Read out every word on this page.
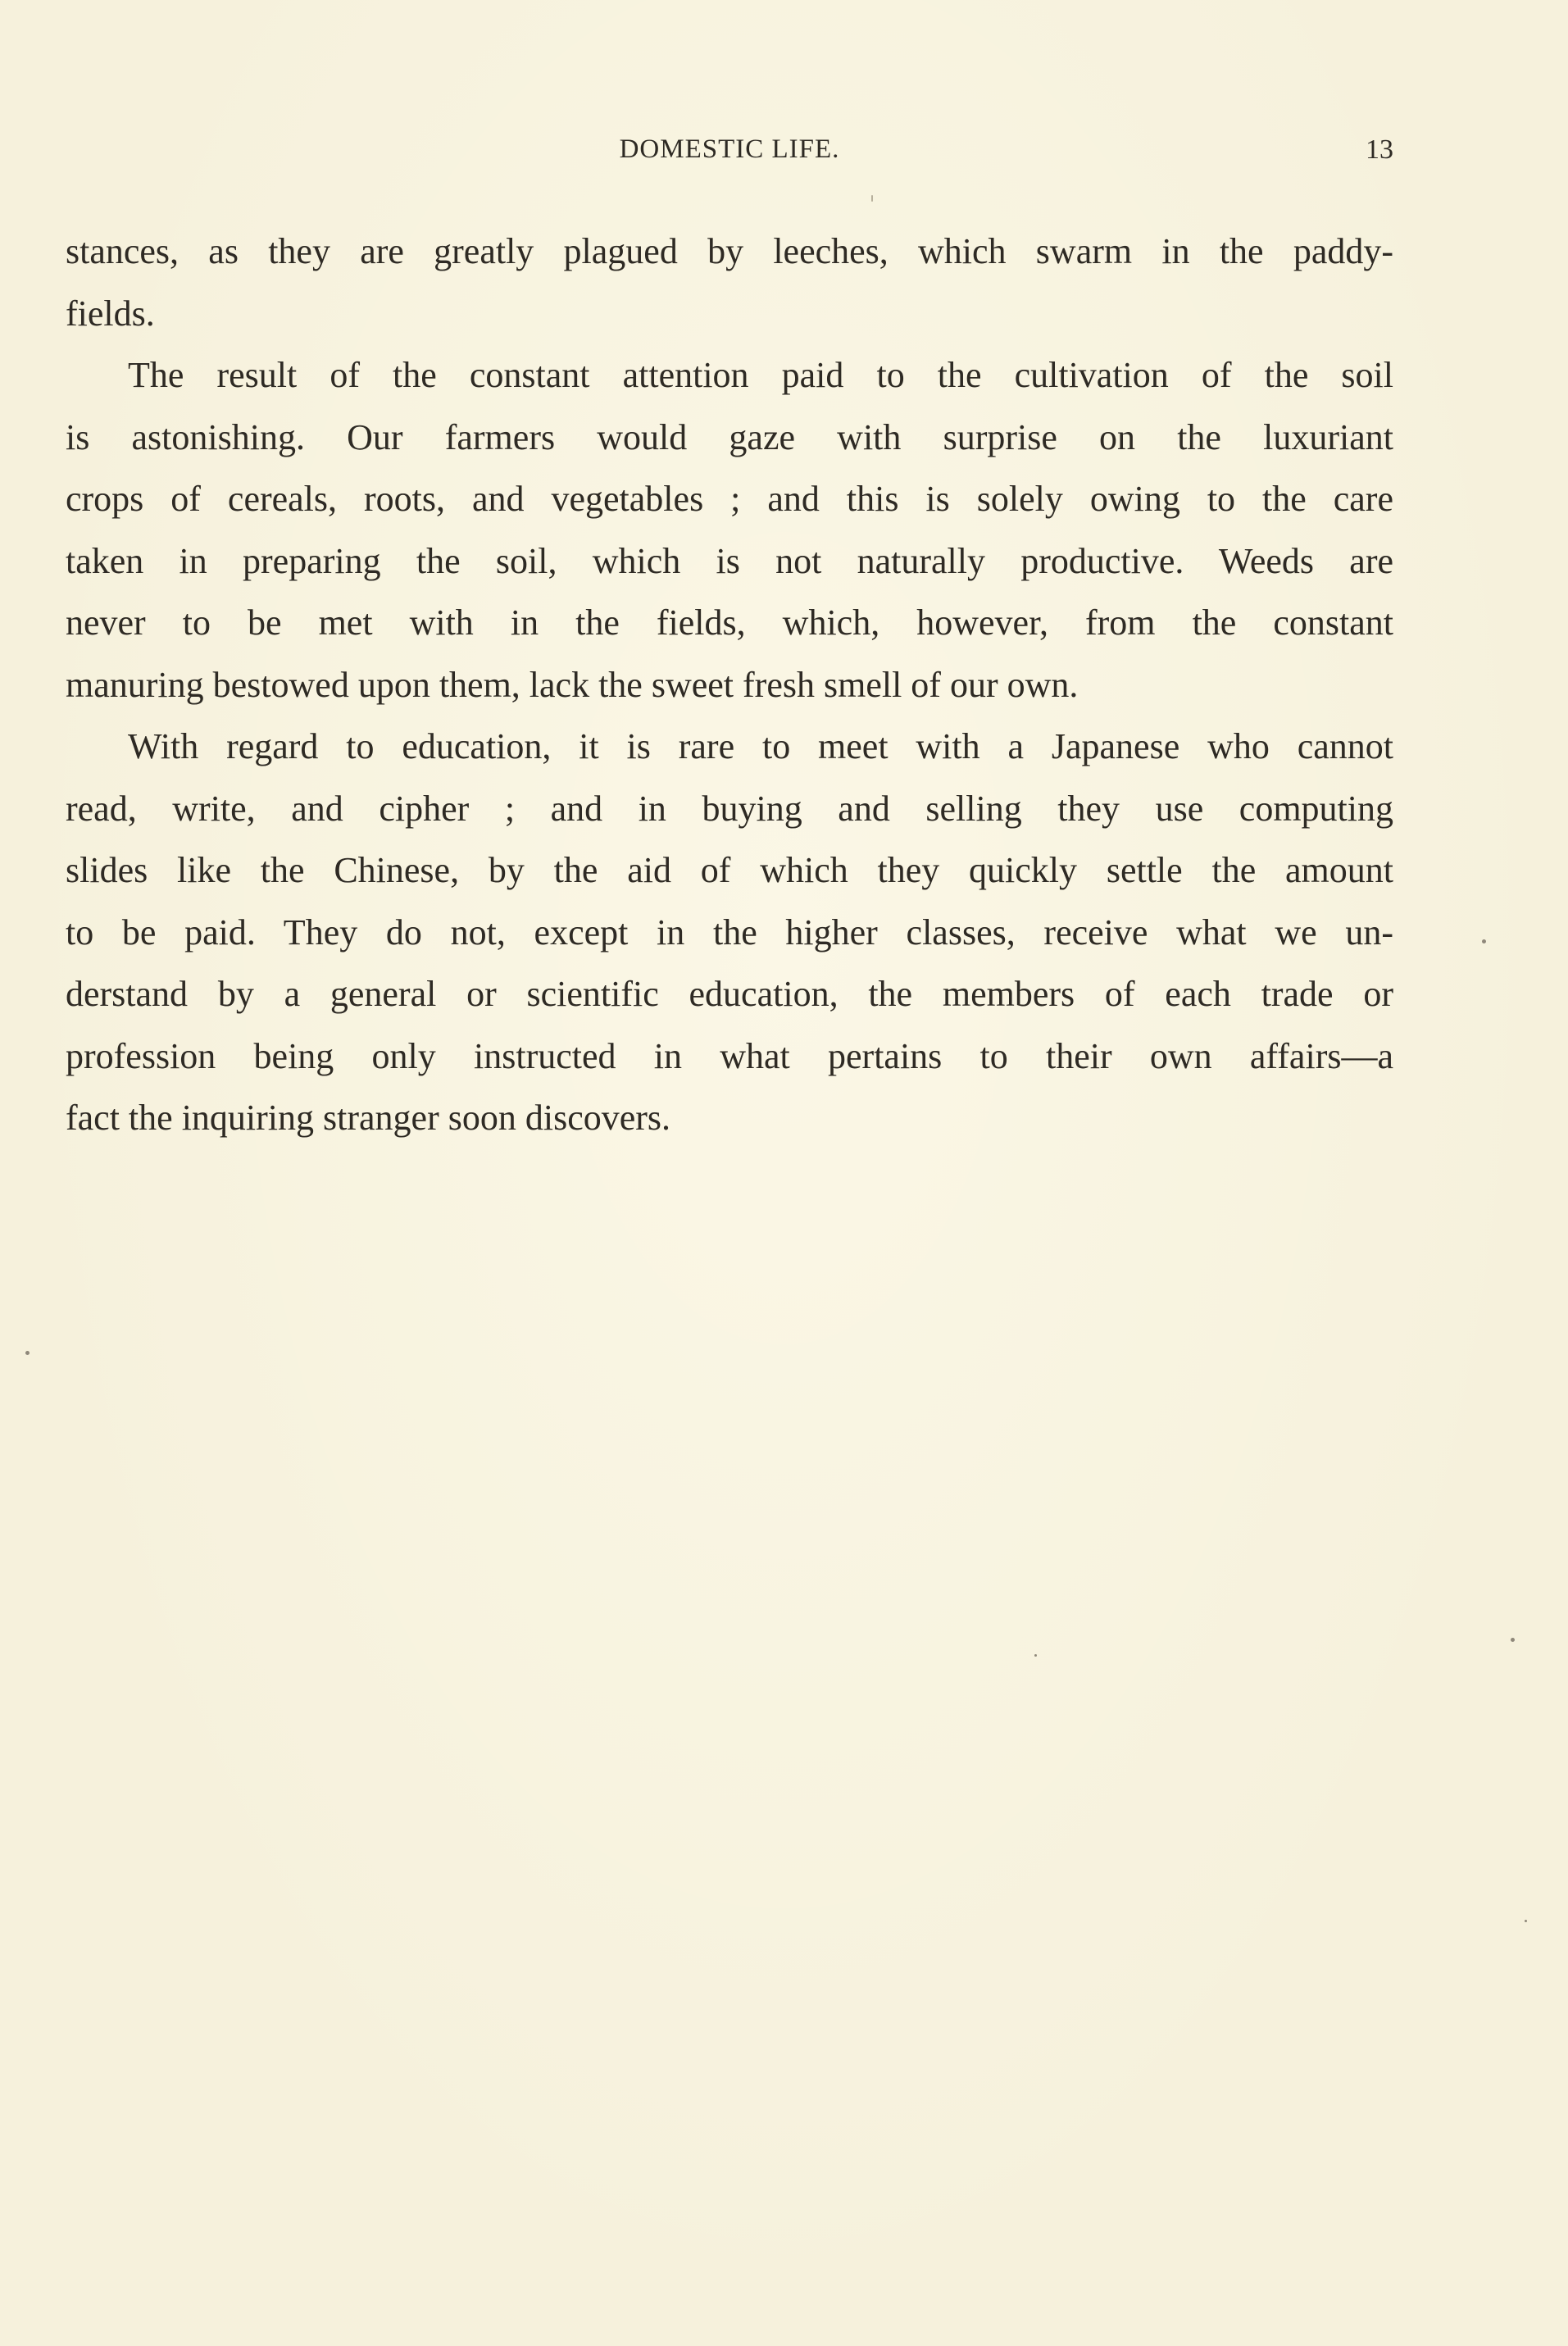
DOMESTIC LIFE.	13
stances, as they are greatly plagued by leeches, which swarm in the paddy-
fields.
The result of the constant attention paid to the cultivation of the soil
is astonishing. Our farmers would gaze with surprise on the luxuriant
crops of cereals, roots, and vegetables ; and this is solely owing to the care
taken in preparing the soil, which is not naturally productive. Weeds are
never to be met with in the fields, which, however, from the constant
manuring bestowed upon them, lack the sweet fresh smell of our own.
With regard to education, it is rare to meet with a Japanese who cannot
read, write, and cipher ; and in buying and selling they use computing
slides like the Chinese, by the aid of which they quickly settle the amount
to be paid. They do not, except in the higher classes, receive what we un-
derstand by a general or scientific education, the members of each trade or
profession being only instructed in what pertains to their own affairs—a
fact the inquiring stranger soon discovers.
